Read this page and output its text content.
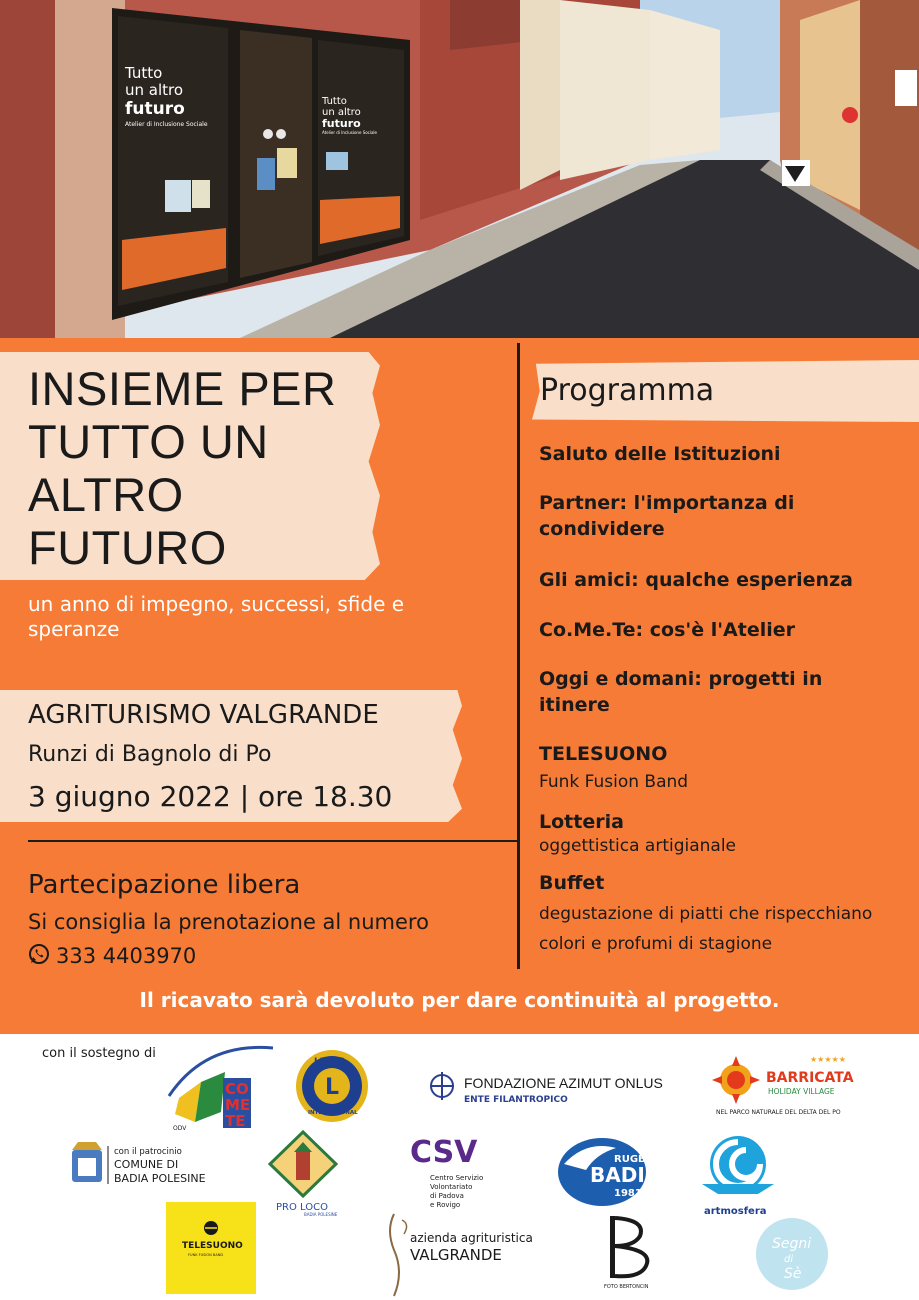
Tutto
un altro
futuro
Atelier di Inclusione Sociale
Tutto
un altro
futuro
Atelier di Inclusione Sociale
INSIEME PER TUTTO UN ALTRO FUTURO
un anno di impegno, successi, sfide e speranze
AGRITURISMO VALGRANDE
Runzi di Bagnolo di Po
3 giugno 2022 | ore 18.30
Partecipazione libera
Si consiglia la prenotazione al numero
333 4403970
Programma
Saluto delle Istituzioni
Partner: l'importanza di condividere
Gli amici: qualche esperienza
Co.Me.Te: cos'è l'Atelier
Oggi e domani: progetti in itinere
TELESUONO
Funk Fusion Band
Lotteria
oggettistica artigianale
Buffet
degustazione di piatti che rispecchiano colori e profumi di stagione
Il ricavato sarà devoluto per dare continuità al progetto.
con il sostegno di
CO
ME
TE
ODV
L
LIONS
INTERNATIONAL
FONDAZIONE AZIMUT ONLUS
ENTE FILANTROPICO
★★★★★
BARRICATA
HOLIDAY VILLAGE
NEL PARCO NATURALE DEL DELTA DEL PO
con il patrocinio
COMUNE DI
BADIA POLESINE
PRO LOCO
BADIA POLESINE
CSV
Centro Servizio
Volontariato
di Padova
e Rovigo
RUGBY
BADIA
1981
artmosfera
TELESUONO
FUNK FUSION BAND
azienda agrituristica
VALGRANDE
FOTO BERTONCIN
Segni
di
Sè
